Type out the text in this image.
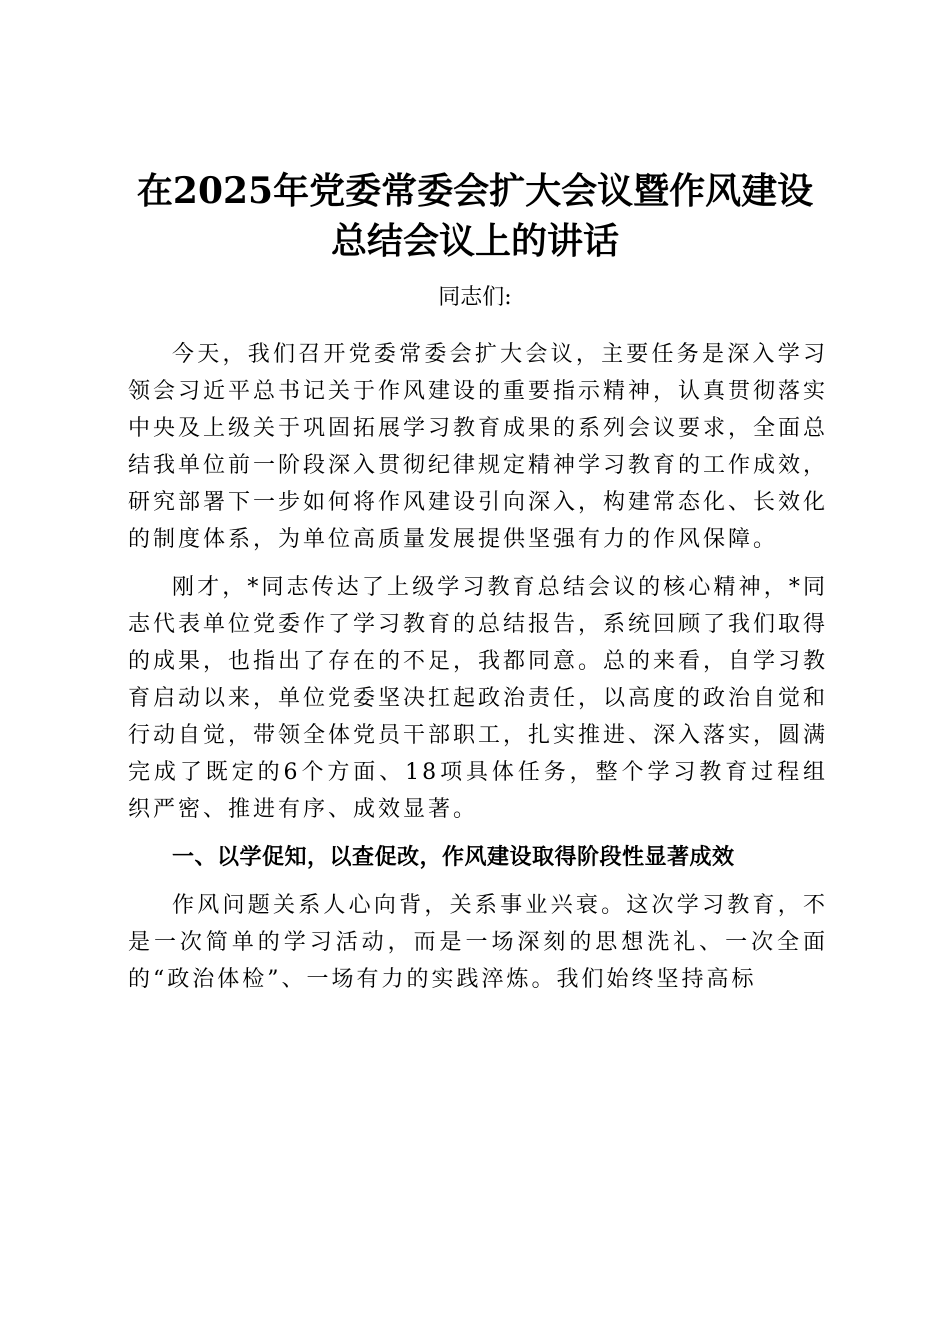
在2025年党委常委会扩大会议暨作风建设总结会议上的讲话

同志们:

今天，我们召开党委常委会扩大会议，主要任务是深入学习领会习近平总书记关于作风建设的重要指示精神，认真贯彻落实中央及上级关于巩固拓展学习教育成果的系列会议要求，全面总结我单位前一阶段深入贯彻纪律规定精神学习教育的工作成效，研究部署下一步如何将作风建设引向深入，构建常态化、长效化的制度体系，为单位高质量发展提供坚强有力的作风保障。

刚才，*同志传达了上级学习教育总结会议的核心精神，*同志代表单位党委作了学习教育的总结报告，系统回顾了我们取得的成果，也指出了存在的不足，我都同意。总的来看，自学习教育启动以来，单位党委坚决扛起政治责任，以高度的政治自觉和行动自觉，带领全体党员干部职工，扎实推进、深入落实，圆满完成了既定的6个方面、18项具体任务，整个学习教育过程组织严密、推进有序、成效显著。

一、以学促知，以查促改，作风建设取得阶段性显著成效

作风问题关系人心向背，关系事业兴衰。这次学习教育，不是一次简单的学习活动，而是一场深刻的思想洗礼、一次全面的“政治体检”、一场有力的实践淬炼。我们始终坚持高标
